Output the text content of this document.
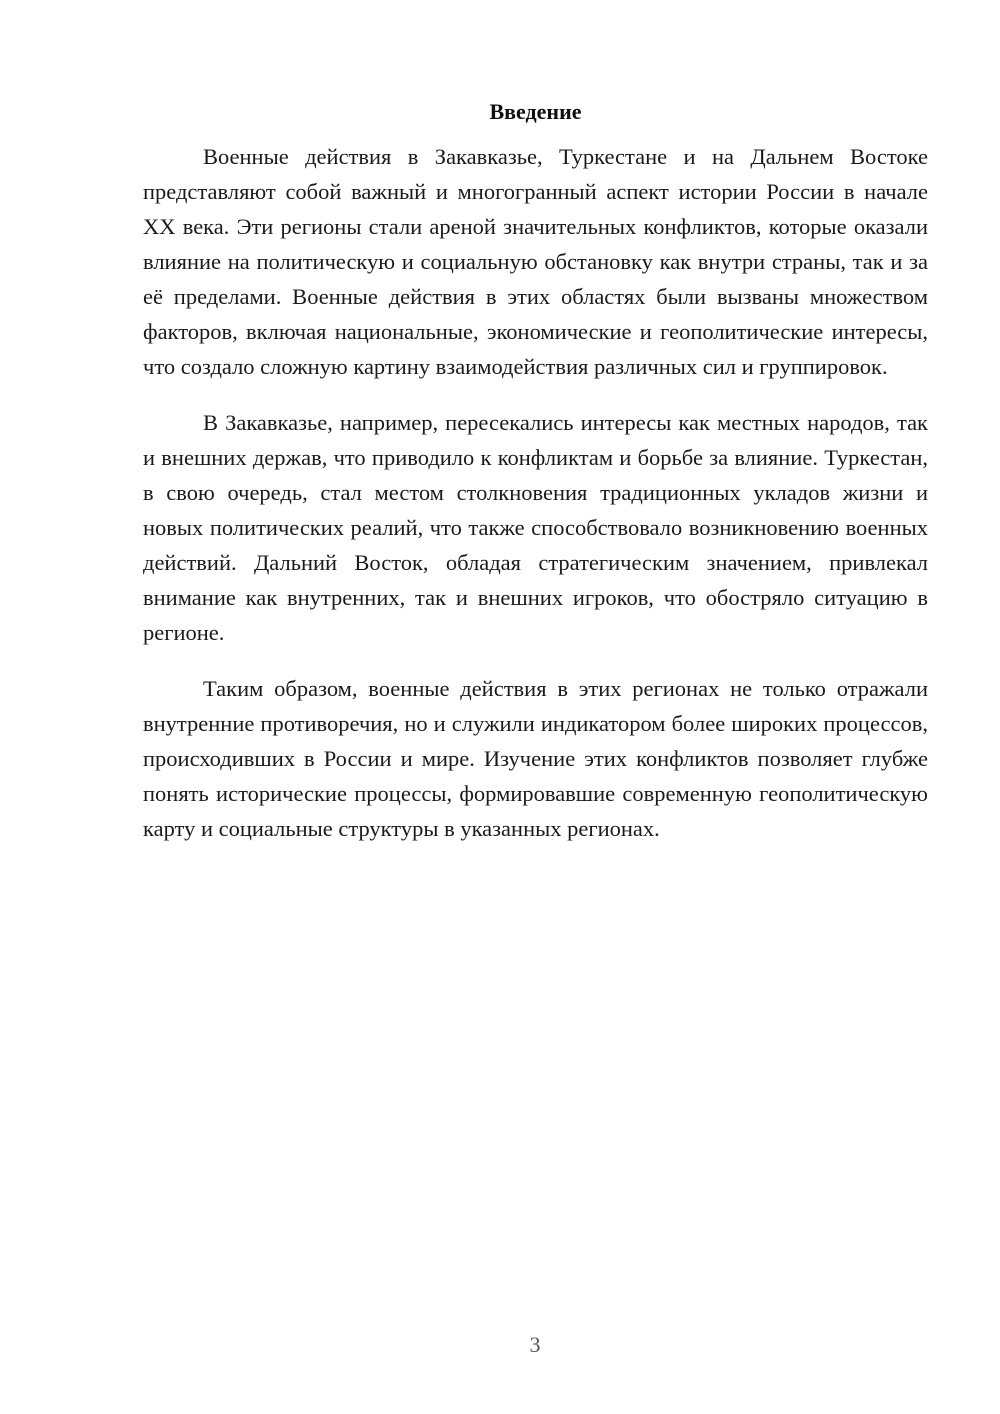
Введение

Военные действия в Закавказье, Туркестане и на Дальнем Востоке представляют собой важный и многогранный аспект истории России в начале XX века. Эти регионы стали ареной значительных конфликтов, которые оказали влияние на политическую и социальную обстановку как внутри страны, так и за её пределами. Военные действия в этих областях были вызваны множеством факторов, включая национальные, экономические и геополитические интересы, что создало сложную картину взаимодействия различных сил и группировок.

В Закавказье, например, пересекались интересы как местных народов, так и внешних держав, что приводило к конфликтам и борьбе за влияние. Туркестан, в свою очередь, стал местом столкновения традиционных укладов жизни и новых политических реалий, что также способствовало возникновению военных действий. Дальний Восток, обладая стратегическим значением, привлекал внимание как внутренних, так и внешних игроков, что обостряло ситуацию в регионе.

Таким образом, военные действия в этих регионах не только отражали внутренние противоречия, но и служили индикатором более широких процессов, происходивших в России и мире. Изучение этих конфликтов позволяет глубже понять исторические процессы, формировавшие современную геополитическую карту и социальные структуры в указанных регионах.

3
